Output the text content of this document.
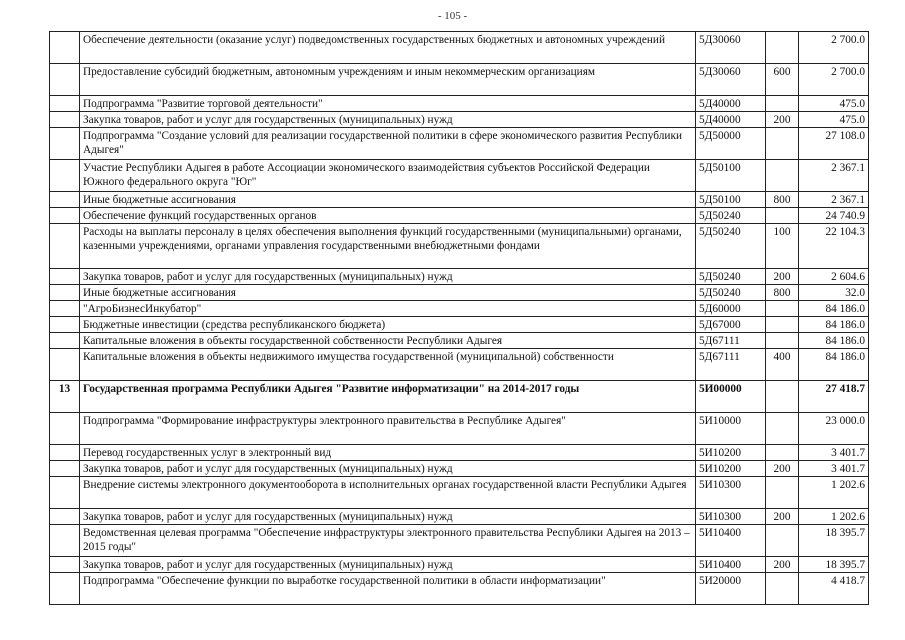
- 105 -
	Обеспечение деятельности (оказание услуг) подведомственных государственных бюджетных и автономных учреждений	5Д30060		2 700.0
	Предоставление субсидий бюджетным, автономным учреждениям и иным некоммерческим организациям	5Д30060	600	2 700.0
	Подпрограмма "Развитие торговой деятельности"	5Д40000		475.0
	Закупка товаров, работ и услуг для государственных (муниципальных) нужд	5Д40000	200	475.0
	Подпрограмма "Создание условий для реализации государственной политики в сфере экономического развития Республики Адыгея"	5Д50000		27 108.0
	Участие Республики Адыгея в работе Ассоциации экономического взаимодействия субъектов Российской Федерации Южного федерального округа "Юг"	5Д50100		2 367.1
	Иные бюджетные ассигнования	5Д50100	800	2 367.1
	Обеспечение функций государственных органов	5Д50240		24 740.9
	Расходы на выплаты персоналу в целях обеспечения выполнения функций государственными (муниципальными) органами, казенными учреждениями, органами управления государственными внебюджетными фондами	5Д50240	100	22 104.3
	Закупка товаров, работ и услуг для государственных (муниципальных) нужд	5Д50240	200	2 604.6
	Иные бюджетные ассигнования	5Д50240	800	32.0
	"АгроБизнесИнкубатор"	5Д60000		84 186.0
	Бюджетные инвестиции (средства республиканского бюджета)	5Д67000		84 186.0
	Капитальные вложения в объекты государственной собственности Республики Адыгея	5Д67111		84 186.0
	Капитальные вложения в объекты недвижимого имущества государственной (муниципальной) собственности	5Д67111	400	84 186.0
13	Государственная программа Республики Адыгея "Развитие информатизации" на 2014-2017 годы	5И00000		27 418.7
	Подпрограмма "Формирование инфраструктуры электронного правительства в Республике Адыгея"	5И10000		23 000.0
	Перевод государственных услуг в электронный вид	5И10200		3 401.7
	Закупка товаров, работ и услуг для государственных (муниципальных) нужд	5И10200	200	3 401.7
	Внедрение системы электронного документооборота в исполнительных органах государственной власти Республики Адыгея	5И10300		1 202.6
	Закупка товаров, работ и услуг для государственных (муниципальных) нужд	5И10300	200	1 202.6
	Ведомственная целевая программа "Обеспечение инфраструктуры электронного правительства Республики Адыгея на 2013 – 2015 годы"	5И10400		18 395.7
	Закупка товаров, работ и услуг для государственных (муниципальных) нужд	5И10400	200	18 395.7
	Подпрограмма "Обеспечение функции по выработке государственной политики в области информатизации"	5И20000		4 418.7
